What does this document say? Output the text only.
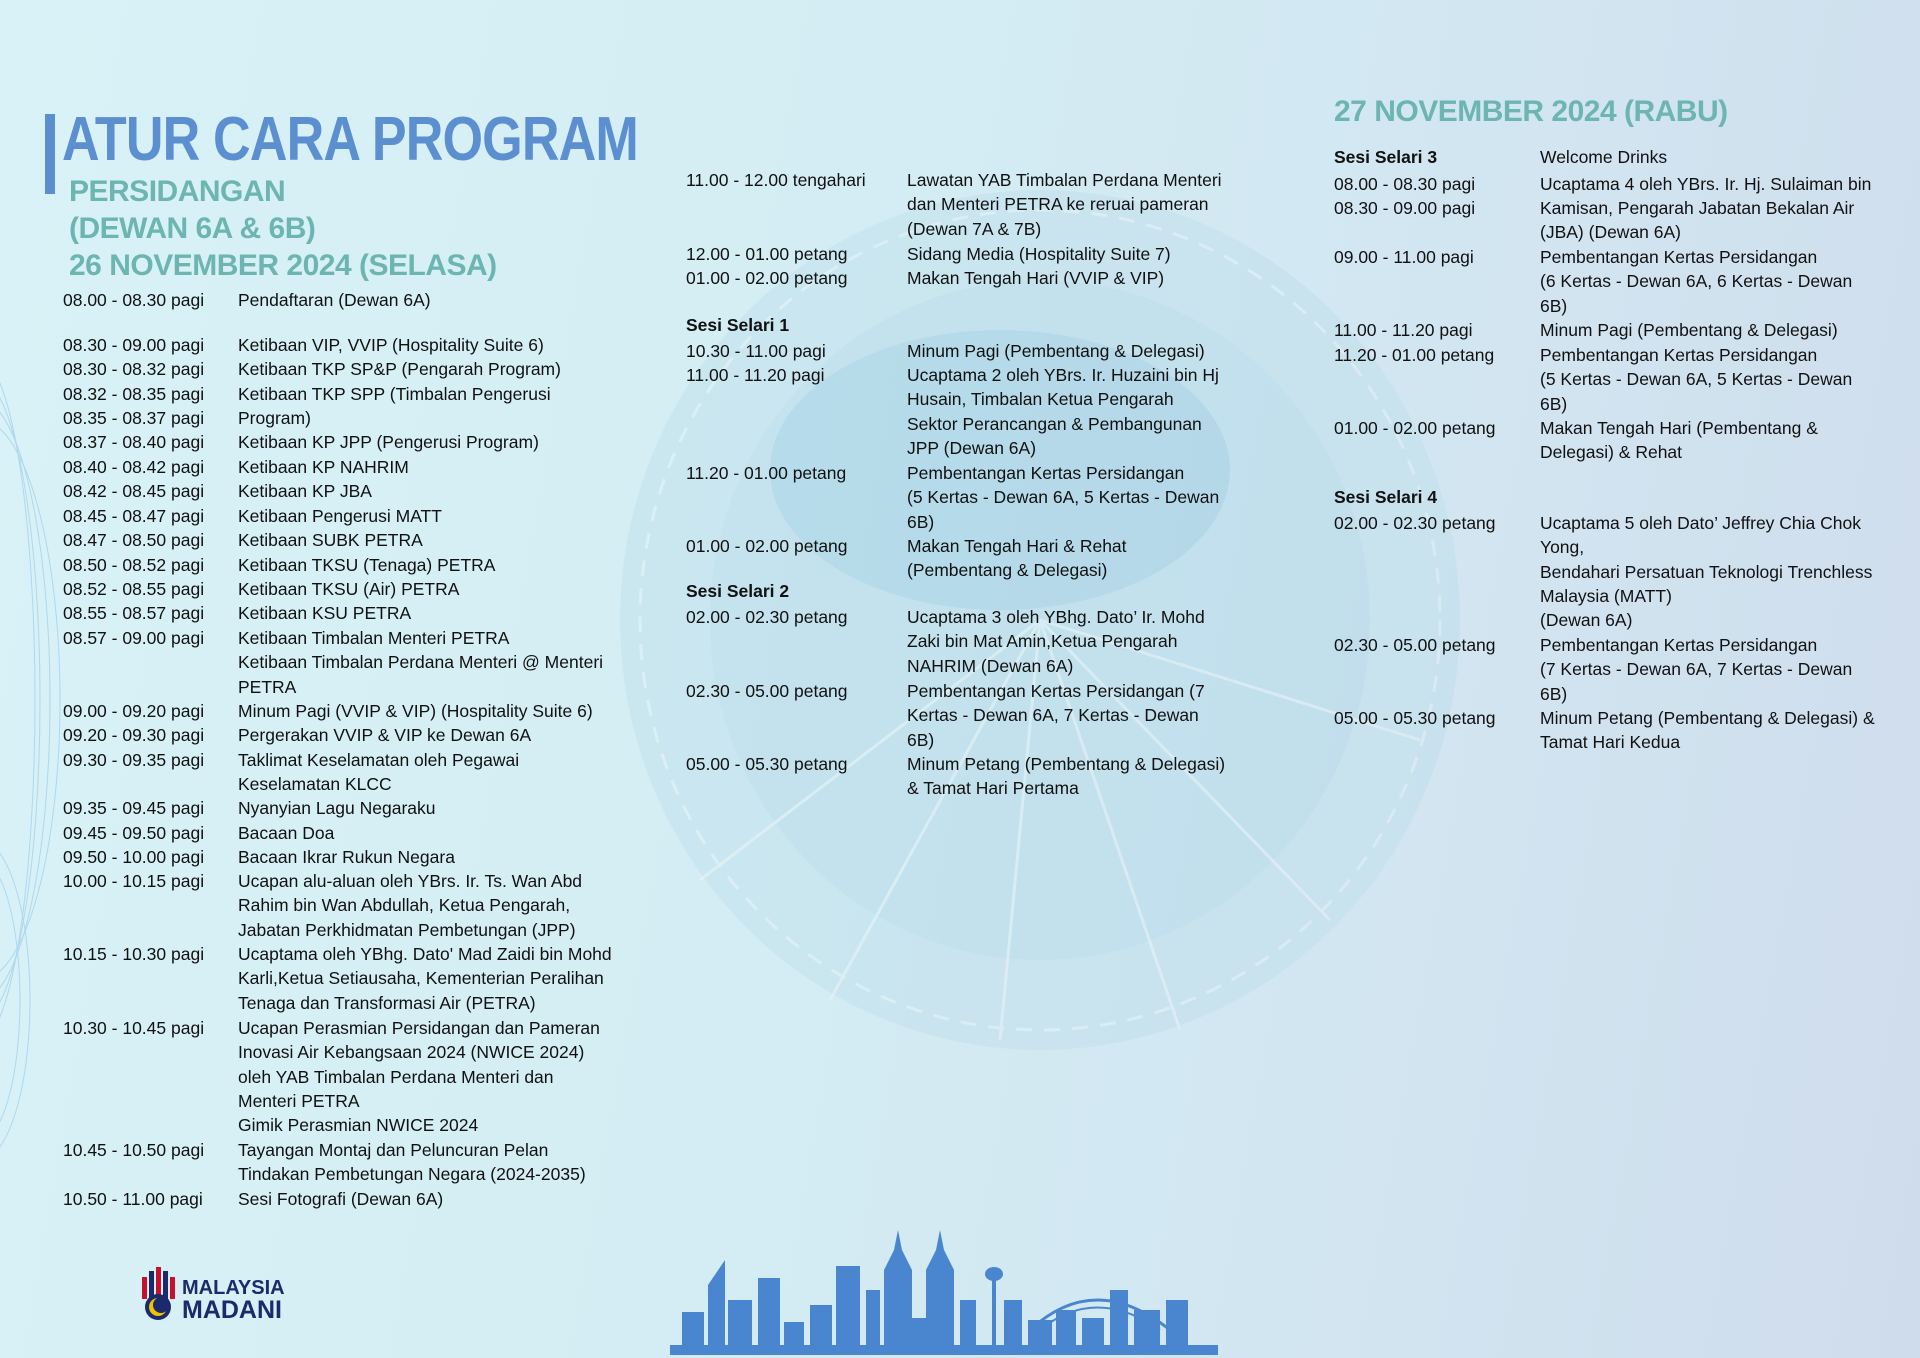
ATUR CARA PROGRAM
PERSIDANGAN
(DEWAN 6A & 6B)
26 NOVEMBER 2024 (SELASA)
27 NOVEMBER 2024 (RABU)
08.00 - 08.30 pagi Pendaftaran (Dewan 6A)
08.30 - 09.00 pagi Ketibaan VIP, VVIP (Hospitality Suite 6)
08.30 - 08.32 pagi Ketibaan TKP SP&P (Pengarah Program)
08.32 - 08.35 pagi Ketibaan TKP SPP (Timbalan Pengerusi
08.35 - 08.37 pagi Program)
08.37 - 08.40 pagi Ketibaan KP JPP (Pengerusi Program)
08.40 - 08.42 pagi Ketibaan KP NAHRIM
08.42 - 08.45 pagi Ketibaan KP JBA
08.45 - 08.47 pagi Ketibaan Pengerusi MATT
08.47 - 08.50 pagi Ketibaan SUBK PETRA
08.50 - 08.52 pagi Ketibaan TKSU (Tenaga) PETRA
08.52 - 08.55 pagi Ketibaan TKSU (Air) PETRA
08.55 - 08.57 pagi Ketibaan KSU PETRA
08.57 - 09.00 pagi Ketibaan Timbalan Menteri PETRA
Ketibaan Timbalan Perdana Menteri @ Menteri
PETRA
09.00 - 09.20 pagi Minum Pagi (VVIP & VIP) (Hospitality Suite 6)
09.20 - 09.30 pagi Pergerakan VVIP & VIP ke Dewan 6A
09.30 - 09.35 pagi Taklimat Keselamatan oleh Pegawai
Keselamatan KLCC
09.35 - 09.45 pagi Nyanyian Lagu Negaraku
09.45 - 09.50 pagi Bacaan Doa
09.50 - 10.00 pagi Bacaan Ikrar Rukun Negara
10.00 - 10.15 pagi Ucapan alu-aluan oleh YBrs. Ir. Ts. Wan Abd
Rahim bin Wan Abdullah, Ketua Pengarah,
Jabatan Perkhidmatan Pembetungan (JPP)
10.15 - 10.30 pagi Ucaptama oleh YBhg. Dato' Mad Zaidi bin Mohd
Karli,Ketua Setiausaha, Kementerian Peralihan
Tenaga dan Transformasi Air (PETRA)
10.30 - 10.45 pagi Ucapan Perasmian Persidangan dan Pameran
Inovasi Air Kebangsaan 2024 (NWICE 2024)
oleh YAB Timbalan Perdana Menteri dan
Menteri PETRA
Gimik Perasmian NWICE 2024
10.45 - 10.50 pagi Tayangan Montaj dan Peluncuran Pelan
Tindakan Pembetungan Negara (2024-2035)
10.50 - 11.00 pagi Sesi Fotografi (Dewan 6A)
11.00 - 12.00 tengahari Lawatan YAB Timbalan Perdana Menteri
dan Menteri PETRA ke reruai pameran
(Dewan 7A & 7B)
12.00 - 01.00 petang	Sidang Media (Hospitality Suite 7)
01.00 - 02.00 petang	Makan Tengah Hari (VVIP & VIP)
Sesi Selari 1
10.30 - 11.00 pagi	Minum Pagi (Pembentang & Delegasi)
11.00 - 11.20 pagi	Ucaptama 2 oleh YBrs. Ir. Huzaini bin Hj
Husain, Timbalan Ketua Pengarah
Sektor Perancangan & Pembangunan
JPP (Dewan 6A)
11.20 - 01.00 petang	Pembentangan Kertas Persidangan
(5 Kertas - Dewan 6A, 5 Kertas - Dewan
6B)
01.00 - 02.00 petang	Makan Tengah Hari & Rehat
(Pembentang & Delegasi)
Sesi Selari 2
02.00 - 02.30 petang	Ucaptama 3 oleh YBhg. Dato’ Ir. Mohd
Zaki bin Mat Amin,Ketua Pengarah
NAHRIM (Dewan 6A)
02.30 - 05.00 petang	Pembentangan Kertas Persidangan (7
Kertas - Dewan 6A, 7 Kertas - Dewan
6B)
05.00 - 05.30 petang	Minum Petang (Pembentang & Delegasi)
& Tamat Hari Pertama
Sesi Selari 3	Welcome Drinks
08.00 - 08.30 pagi	Ucaptama 4 oleh YBrs. Ir. Hj. Sulaiman bin
08.30 - 09.00 pagi	Kamisan, Pengarah Jabatan Bekalan Air
(JBA) (Dewan 6A)
09.00 - 11.00 pagi	Pembentangan Kertas Persidangan
(6 Kertas - Dewan 6A, 6 Kertas - Dewan
6B)
11.00 - 11.20 pagi	Minum Pagi (Pembentang & Delegasi)
11.20 - 01.00 petang	Pembentangan Kertas Persidangan
(5 Kertas - Dewan 6A, 5 Kertas - Dewan
6B)
01.00 - 02.00 petang	Makan Tengah Hari (Pembentang &
Delegasi) & Rehat
Sesi Selari 4
02.00 - 02.30 petang	Ucaptama 5 oleh Dato’ Jeffrey Chia Chok
Yong,
Bendahari Persatuan Teknologi Trenchless
Malaysia (MATT)
(Dewan 6A)
02.30 - 05.00 petang	Pembentangan Kertas Persidangan
(7 Kertas - Dewan 6A, 7 Kertas - Dewan
6B)
05.00 - 05.30 petang	Minum Petang (Pembentang & Delegasi) &
Tamat Hari Kedua
MALAYSIA
MADANI
